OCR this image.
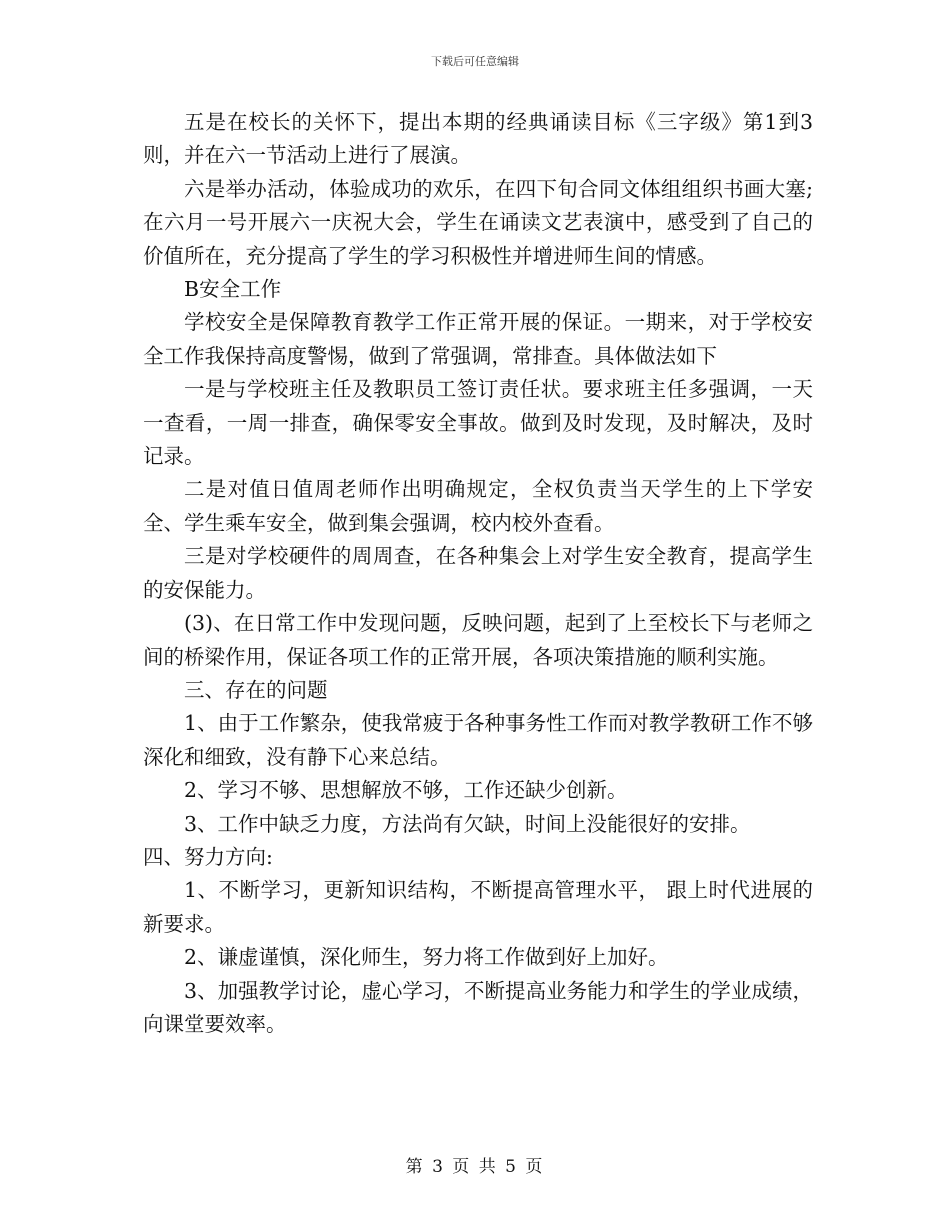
下载后可任意编辑

五是在校长的关怀下，提出本期的经典诵读目标《三字级》第1到3则，并在六一节活动上进行了展演。

六是举办活动，体验成功的欢乐，在四下旬合同文体组组织书画大塞;在六月一号开展六一庆祝大会，学生在诵读文艺表演中，感受到了自己的价值所在，充分提高了学生的学习积极性并增进师生间的情感。

B安全工作

学校安全是保障教育教学工作正常开展的保证。一期来，对于学校安全工作我保持高度警惕，做到了常强调，常排查。具体做法如下

一是与学校班主任及教职员工签订责任状。要求班主任多强调，一天一查看，一周一排查，确保零安全事故。做到及时发现，及时解决，及时记录。

二是对值日值周老师作出明确规定，全权负责当天学生的上下学安全、学生乘车安全，做到集会强调，校内校外查看。

三是对学校硬件的周周查，在各种集会上对学生安全教育，提高学生的安保能力。

(3)、在日常工作中发现问题，反映问题，起到了上至校长下与老师之间的桥梁作用，保证各项工作的正常开展，各项决策措施的顺利实施。

三、存在的问题

1、由于工作繁杂，使我常疲于各种事务性工作而对教学教研工作不够深化和细致，没有静下心来总结。

2、学习不够、思想解放不够，工作还缺少创新。

3、工作中缺乏力度，方法尚有欠缺，时间上没能很好的安排。

四、努力方向:

1、不断学习，更新知识结构，不断提高管理水平， 跟上时代进展的新要求。

2、谦虚谨慎，深化师生，努力将工作做到好上加好。

3、加强教学讨论，虚心学习，不断提高业务能力和学生的学业成绩，向课堂要效率。

第 3 页 共 5 页
